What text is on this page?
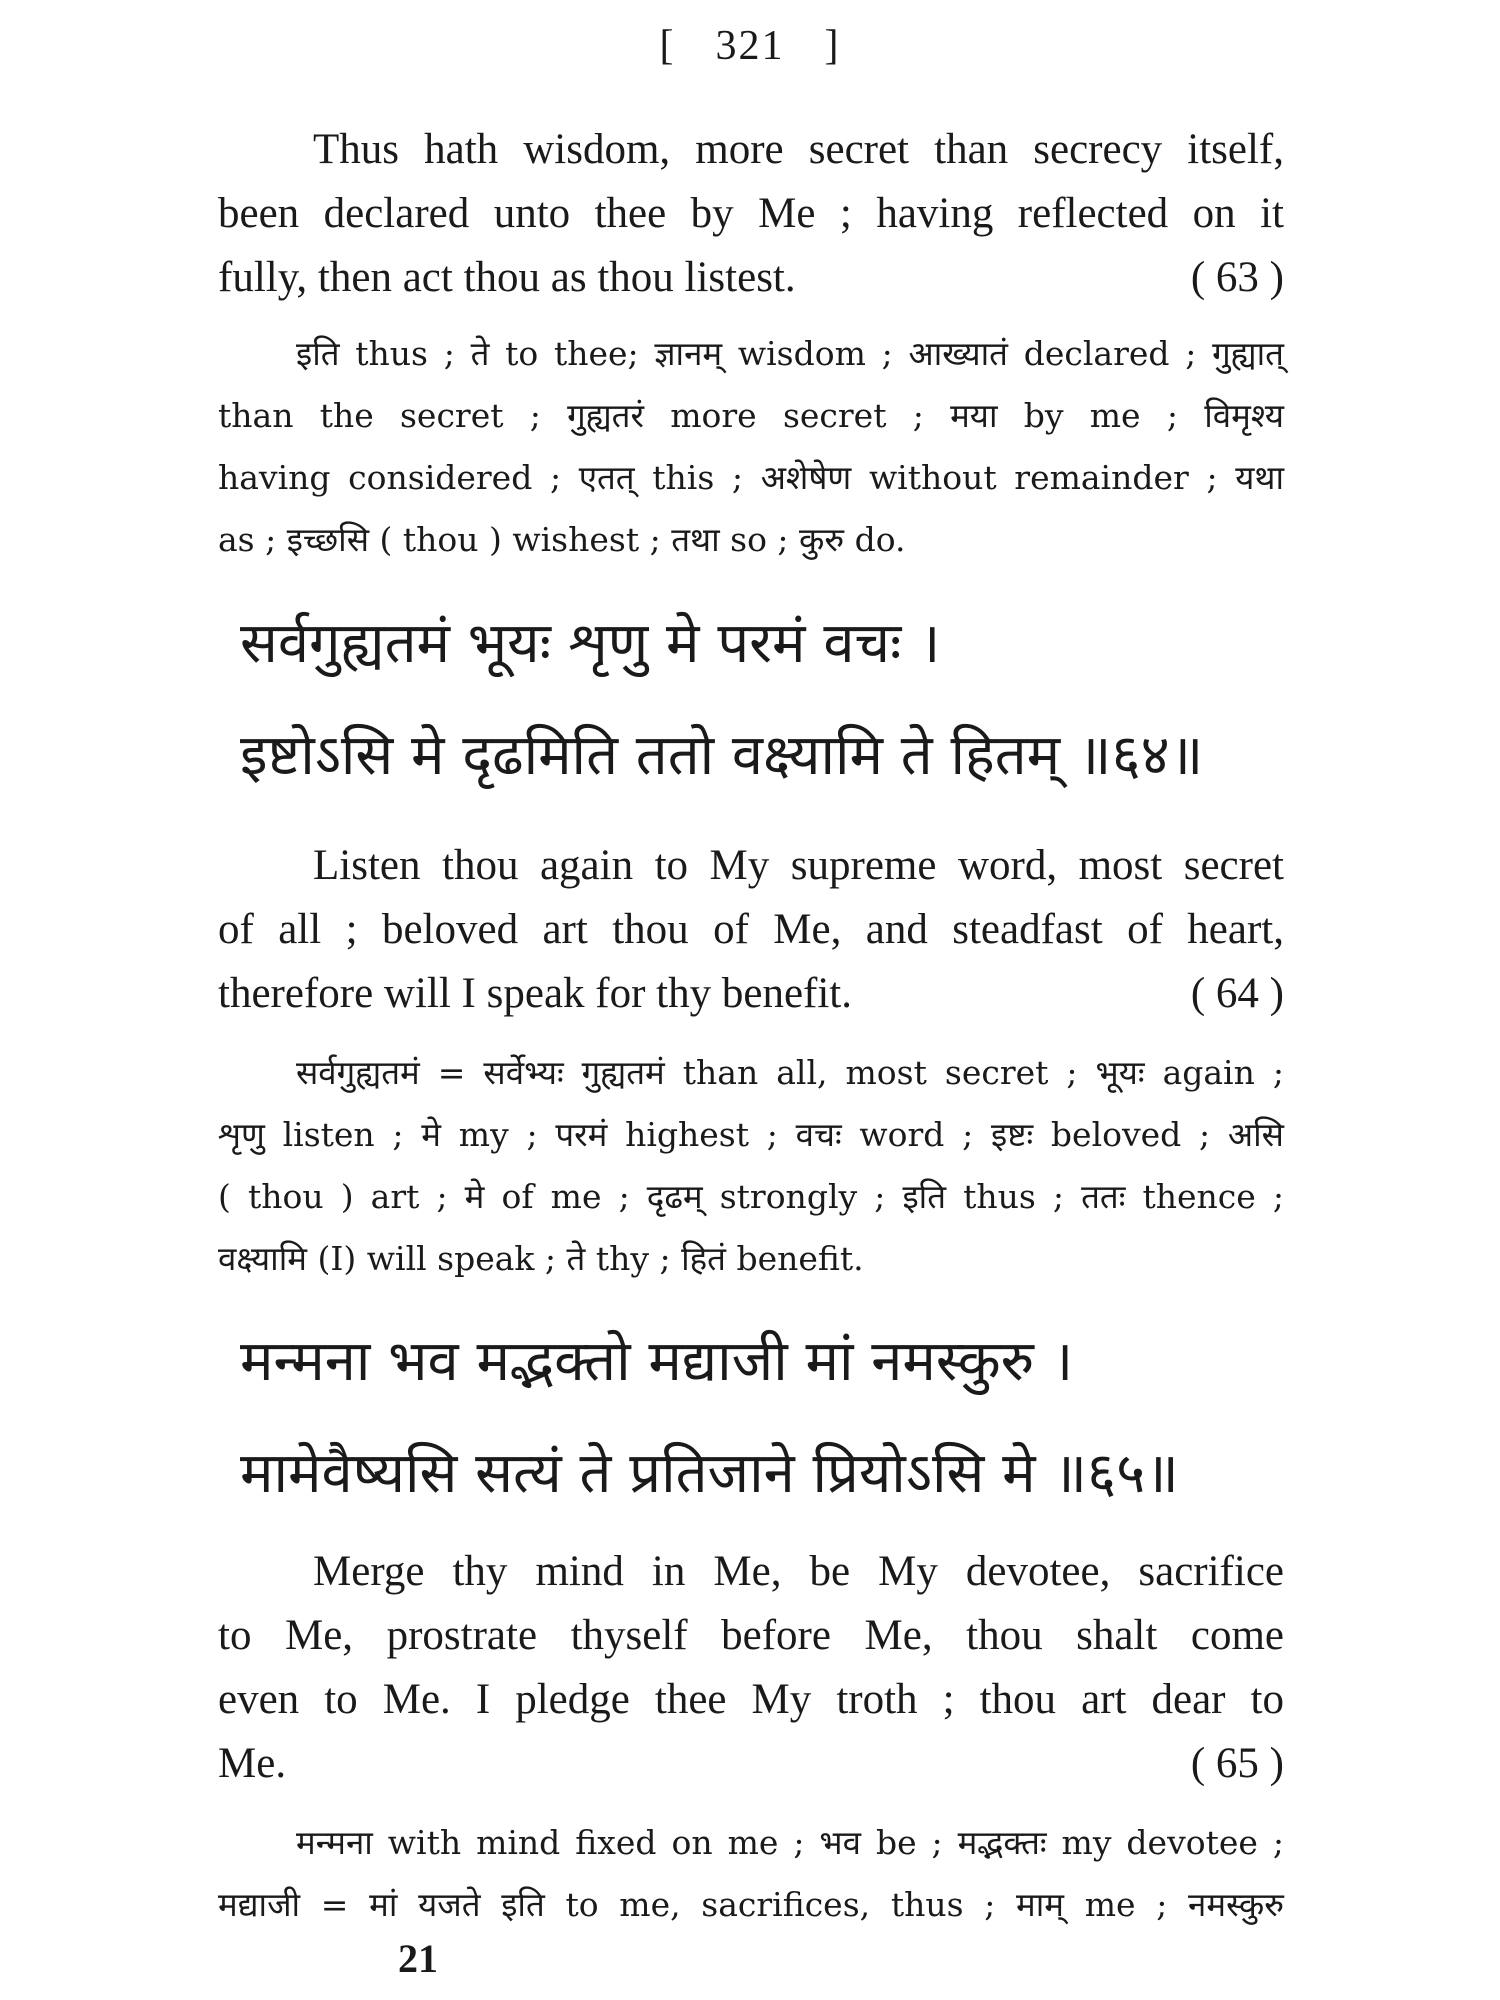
[ 321 ]
Thus hath wisdom, more secret than secrecy itself,
been declared unto thee by Me ; having reflected on it
fully, then act thou as thou listest.	( 63 )
इति thus ; ते to thee; ज्ञानम् wisdom ; आख्यातं declared ; गुह्यात्
than the secret ; गुह्यतरं more secret ; मया by me ; विमृश्य
having considered ; एतत् this ; अशेषेण without remainder ; यथा
as ; इच्छसि ( thou ) wishest ; तथा so ; कुरु do.
सर्वगुह्यतमं भूयः शृणु मे परमं वचः ।
इष्टोऽसि मे दृढमिति ततो वक्ष्यामि ते हितम् ॥६४॥
Listen thou again to My supreme word, most secret
of all ; beloved art thou of Me, and steadfast of heart,
therefore will I speak for thy benefit.	( 64 )
सर्वगुह्यतमं = सर्वेभ्यः गुह्यतमं than all, most secret ; भूयः again ;
शृणु listen ; मे my ; परमं highest ; वचः word ; इष्टः beloved ; असि
( thou ) art ; मे of me ; दृढम् strongly ; इति thus ; ततः thence ;
वक्ष्यामि (I) will speak ; ते thy ; हितं benefit.
मन्मना भव मद्भक्तो मद्याजी मां नमस्कुरु ।
मामेवैष्यसि सत्यं ते प्रतिजाने प्रियोऽसि मे ॥६५॥
Merge thy mind in Me, be My devotee, sacrifice
to Me, prostrate thyself before Me, thou shalt come
even to Me. I pledge thee My troth ; thou art dear to
Me.	( 65 )
मन्मना with mind fixed on me ; भव be ; मद्भक्तः my devotee ;
मद्याजी = मां यजते इति to me, sacrifices, thus ; माम् me ; नमस्कुरु
21
